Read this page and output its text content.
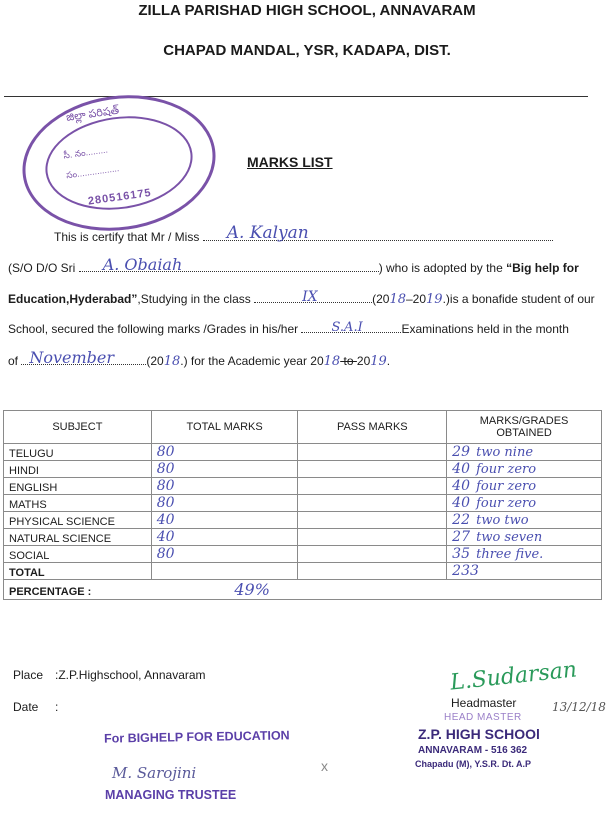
ZILLA PARISHAD HIGH SCHOOL, ANNAVARAM
CHAPAD MANDAL, YSR, KADAPA, DIST.
జిల్లా పరిషత్
సీ. నం.........
సం.................
280516175
MARKS LIST
This is certify that Mr / Miss A. Kalyan
(S/O D/O Sri A. Obaiah	) who is adopted by the “Big help for
Education,Hyderabad”,Studying in the class	IX	(2018–2019.)is a bonafide student of our
School, secured the following marks /Grades in his/her	S.A.I	Examinations held in the month
of November	(2018.) for the Academic year 2018 to 2019.
SUBJECT	TOTAL MARKS	PASS MARKS	MARKS/GRADES OBTAINED
TELUGU	80		29 two nine
HINDI	80		40 four zero
ENGLISH	80		40 four zero
MATHS	80		40 four zero
PHYSICAL SCIENCE	40		22 two two
NATURAL SCIENCE	40		27 two seven
SOCIAL	80		35 three five.
TOTAL			233
PERCENTAGE : 49%			
Place :Z.P.Highschool, Annavaram
Date :
L.Sudarsan
Headmaster	13/12/18
HEAD MASTER
Z.P. HIGH SCHOOl
ANNAVARAM - 516 362
Chapadu (M), Y.S.R. Dt. A.P
For BIGHELP FOR EDUCATION
M. Sarojini
MANAGING TRUSTEE
x
